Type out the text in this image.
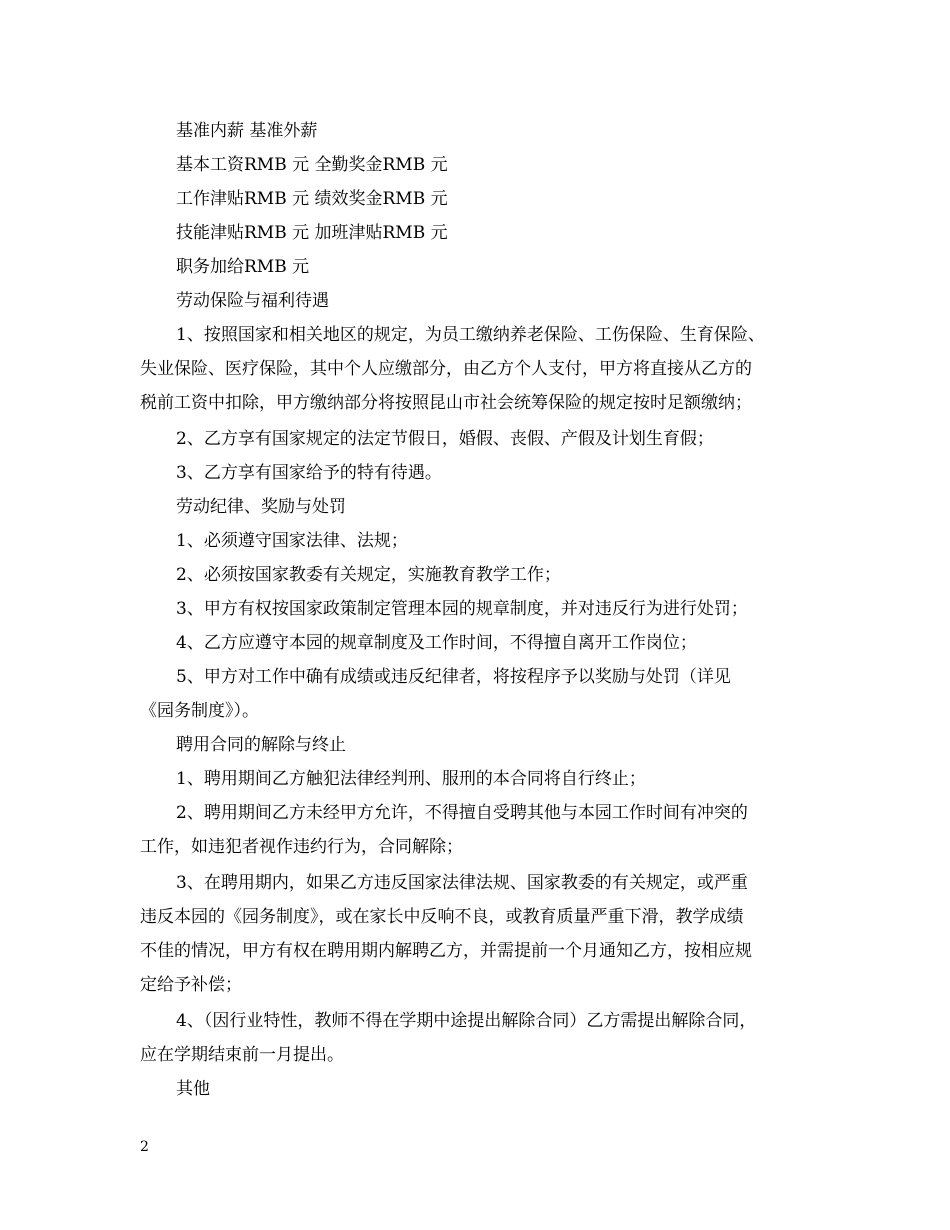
基准内薪 基准外薪

基本工资RMB 元 全勤奖金RMB 元

工作津贴RMB 元 绩效奖金RMB 元

技能津贴RMB 元 加班津贴RMB 元

职务加给RMB 元

劳动保险与福利待遇

1、按照国家和相关地区的规定，为员工缴纳养老保险、工伤保险、生育保险、

失业保险、医疗保险，其中个人应缴部分，由乙方个人支付，甲方将直接从乙方的

税前工资中扣除，甲方缴纳部分将按照昆山市社会统筹保险的规定按时足额缴纳；

2、乙方享有国家规定的法定节假日，婚假、丧假、产假及计划生育假；

3、乙方享有国家给予的特有待遇。

劳动纪律、奖励与处罚

1、必须遵守国家法律、法规；

2、必须按国家教委有关规定，实施教育教学工作；

3、甲方有权按国家政策制定管理本园的规章制度，并对违反行为进行处罚；

4、乙方应遵守本园的规章制度及工作时间，不得擅自离开工作岗位；

5、甲方对工作中确有成绩或违反纪律者，将按程序予以奖励与处罚（详见

《园务制度》）。

聘用合同的解除与终止

1、聘用期间乙方触犯法律经判刑、服刑的本合同将自行终止；

2、聘用期间乙方未经甲方允许，不得擅自受聘其他与本园工作时间有冲突的

工作，如违犯者视作违约行为，合同解除；

3、在聘用期内，如果乙方违反国家法律法规、国家教委的有关规定，或严重

违反本园的《园务制度》，或在家长中反响不良，或教育质量严重下滑，教学成绩

不佳的情况，甲方有权在聘用期内解聘乙方，并需提前一个月通知乙方，按相应规

定给予补偿；

4、（因行业特性，教师不得在学期中途提出解除合同）乙方需提出解除合同，

应在学期结束前一月提出。

其他

2
